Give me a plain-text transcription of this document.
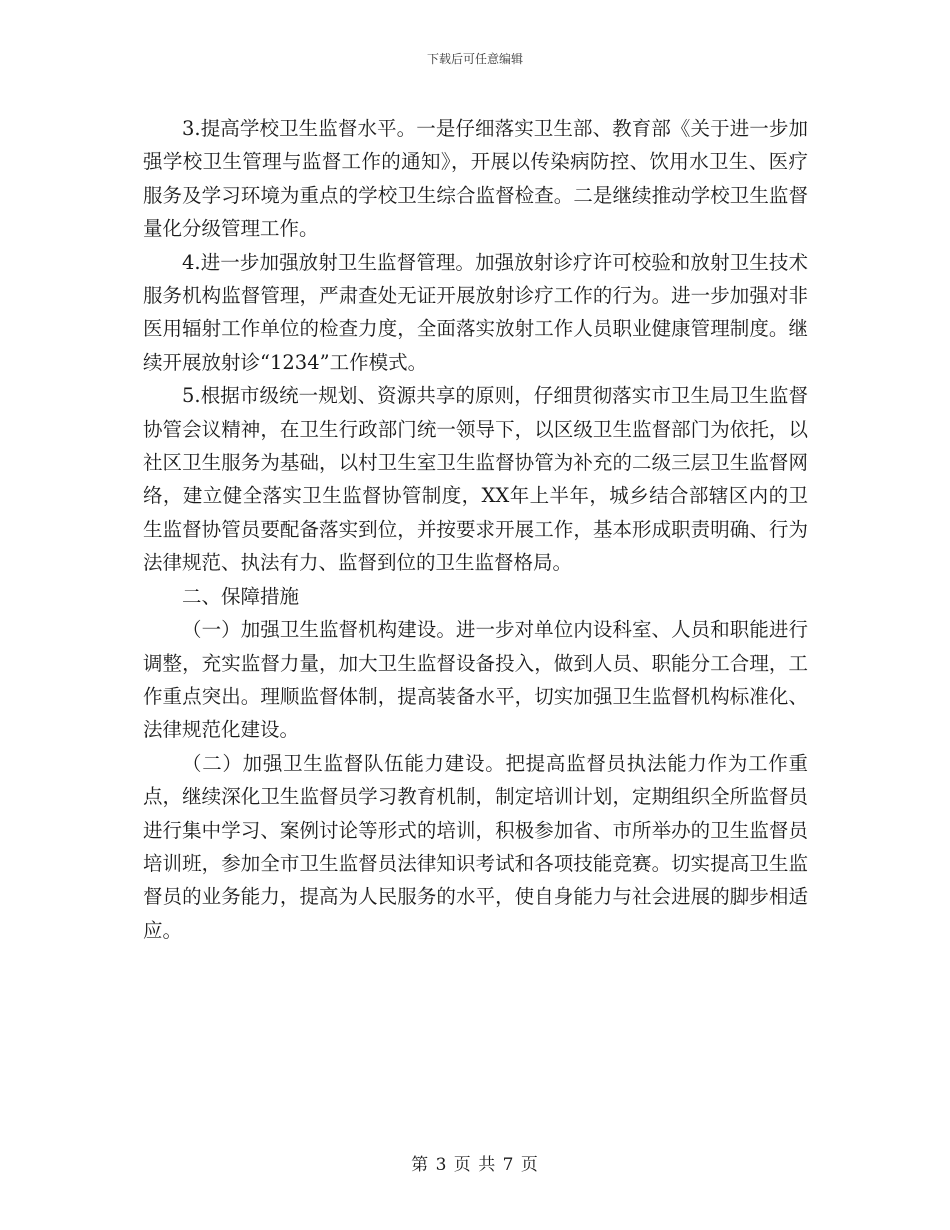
下载后可任意编辑

3.提高学校卫生监督水平。一是仔细落实卫生部、教育部《关于进一步加强学校卫生管理与监督工作的通知》，开展以传染病防控、饮用水卫生、医疗服务及学习环境为重点的学校卫生综合监督检查。二是继续推动学校卫生监督量化分级管理工作。

4.进一步加强放射卫生监督管理。加强放射诊疗许可校验和放射卫生技术服务机构监督管理，严肃查处无证开展放射诊疗工作的行为。进一步加强对非医用辐射工作单位的检查力度，全面落实放射工作人员职业健康管理制度。继续开展放射诊“1234”工作模式。

5.根据市级统一规划、资源共享的原则，仔细贯彻落实市卫生局卫生监督协管会议精神，在卫生行政部门统一领导下，以区级卫生监督部门为依托，以社区卫生服务为基础，以村卫生室卫生监督协管为补充的二级三层卫生监督网络，建立健全落实卫生监督协管制度，XX年上半年，城乡结合部辖区内的卫生监督协管员要配备落实到位，并按要求开展工作，基本形成职责明确、行为法律规范、执法有力、监督到位的卫生监督格局。

二、保障措施

（一）加强卫生监督机构建设。进一步对单位内设科室、人员和职能进行调整，充实监督力量，加大卫生监督设备投入，做到人员、职能分工合理，工作重点突出。理顺监督体制，提高装备水平，切实加强卫生监督机构标准化、法律规范化建设。

（二）加强卫生监督队伍能力建设。把提高监督员执法能力作为工作重点，继续深化卫生监督员学习教育机制，制定培训计划，定期组织全所监督员进行集中学习、案例讨论等形式的培训，积极参加省、市所举办的卫生监督员培训班，参加全市卫生监督员法律知识考试和各项技能竞赛。切实提高卫生监督员的业务能力，提高为人民服务的水平，使自身能力与社会进展的脚步相适应。

第 3 页 共 7 页
